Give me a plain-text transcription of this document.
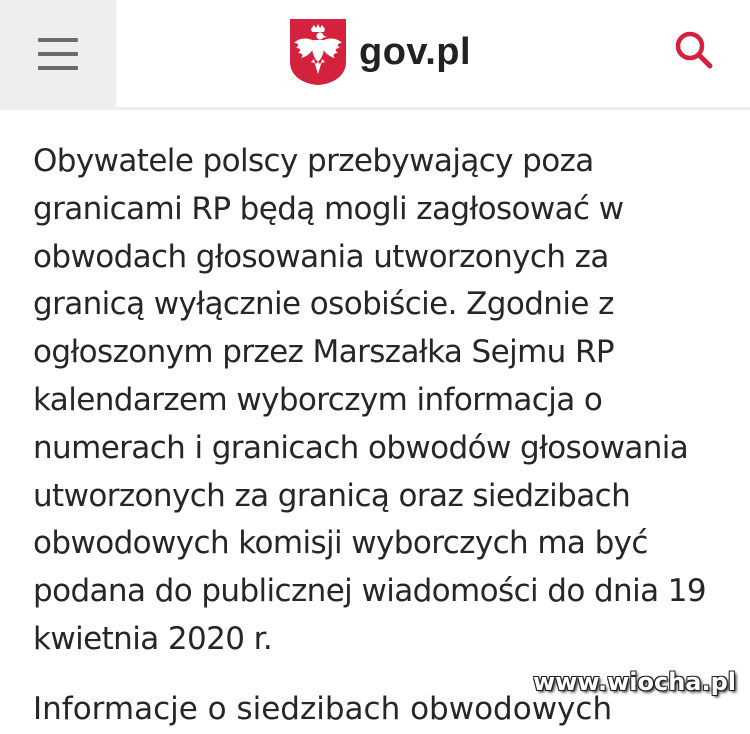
gov.pl

Obywatele polscy przebywający poza granicami RP będą mogli zagłosować w obwodach głosowania utworzonych za granicą wyłącznie osobiście. Zgodnie z ogłoszonym przez Marszałka Sejmu RP kalendarzem wyborczym informacja o numerach i granicach obwodów głosowania utworzonych za granicą oraz siedzibach obwodowych komisji wyborczych ma być podana do publicznej wiadomości do dnia 19 kwietnia 2020 r.

Informacje o siedzibach obwodowych
www.wiocha.pl
